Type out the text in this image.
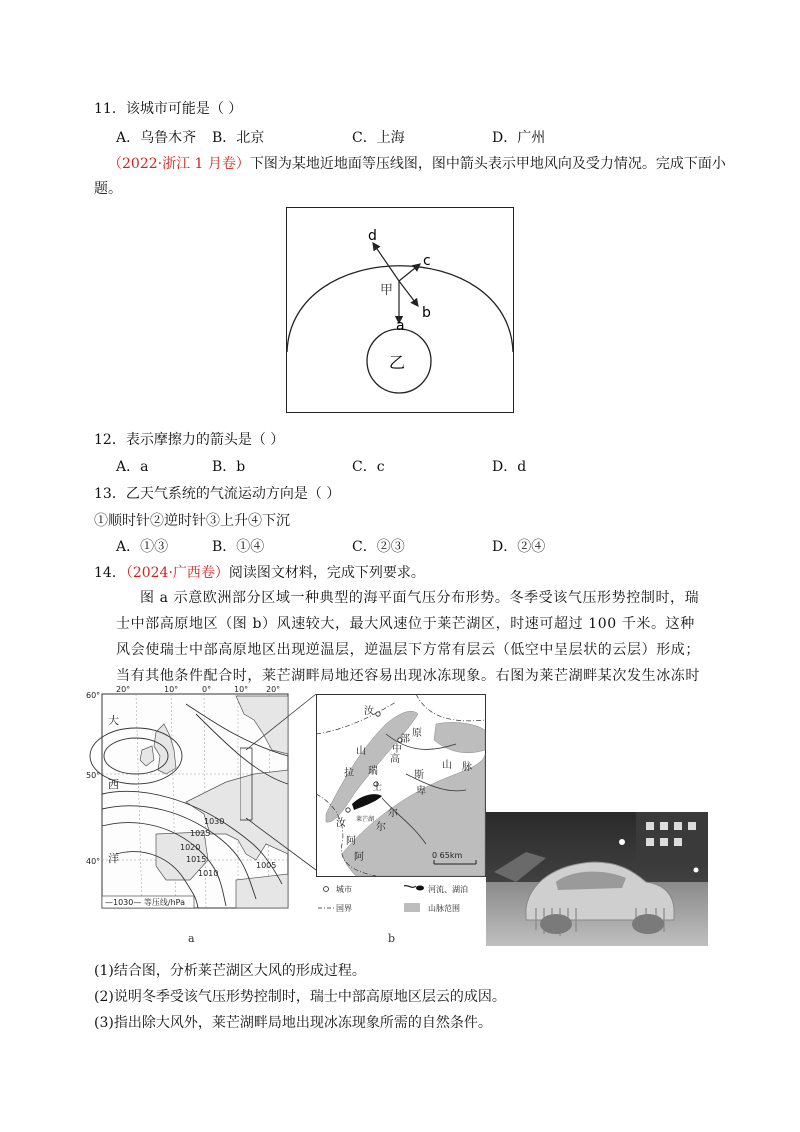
11．该城市可能是（ ）
A．乌鲁木齐 B．北京	C．上海	D．广州
（2022·浙江 1 月卷）下图为某地近地面等压线图，图中箭头表示甲地风向及受力情况。完成下面小
题。
d
c
b
a
甲
乙
12．表示摩擦力的箭头是（ ）
A．a	B．b	C．c	D．d
13．乙天气系统的气流运动方向是（ ）
①顺时针②逆时针③上升④下沉
A．①③	B．①④	C．②③	D．②④
14．（2024·广西卷）阅读图文材料，完成下列要求。
图 a 示意欧洲部分区域一种典型的海平面气压分布形势。冬季受该气压形势控制时，瑞士中部高原地区（图 b）风速较大，最大风速位于莱芒湖区，时速可超过 100 千米。这种风会使瑞士中部高原地区出现逆温层，逆温层下方常有层云（低空中呈层状的云层）形成；当有其他条件配合时，莱芒湖畔局地还容易出现冰冻现象。右图为莱芒湖畔某次发生冰冻时
20°	10°	0°	10° 20°
60°
50°
40°
1030
1025
1020
1015
1010
1005
大
西
洋
—1030— 等压线/hPa
a
汝
山
瑞
中
部
原
士
高
拉
山
阿
脉
尔
卑
斯
汝 莱芒湖
阿
尔
0 65km
城市	河流、湖泊
国界	山脉范围
b
(1)结合图，分析莱芒湖区大风的形成过程。
(2)说明冬季受该气压形势控制时，瑞士中部高原地区层云的成因。
(3)指出除大风外，莱芒湖畔局地出现冰冻现象所需的自然条件。
